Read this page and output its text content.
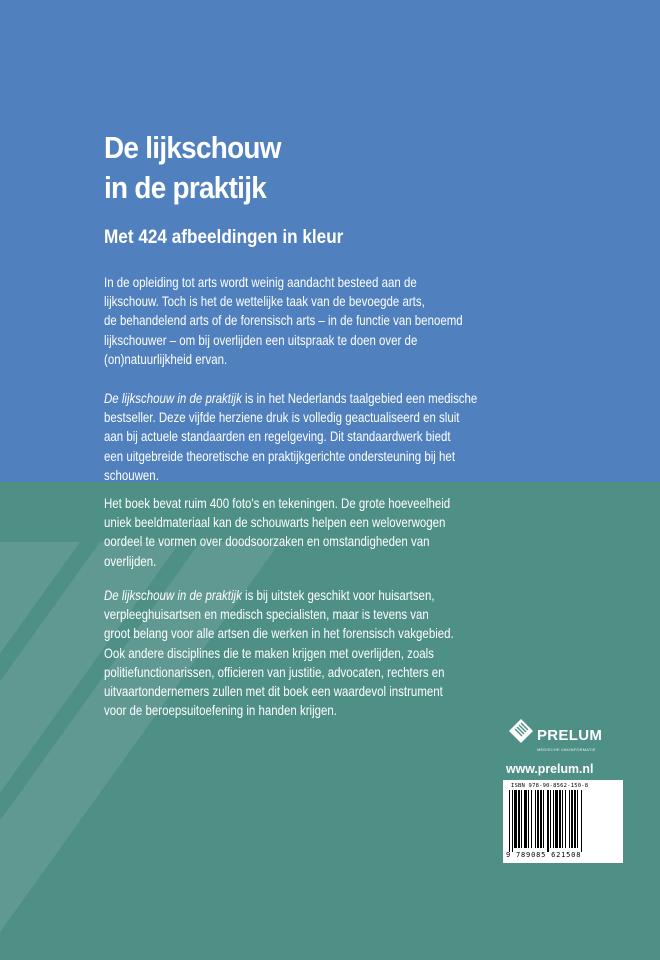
De lijkschouw
in de praktijk
Met 424 afbeeldingen in kleur

In de opleiding tot arts wordt weinig aandacht besteed aan de
lijkschouw. Toch is het de wettelijke taak van de bevoegde arts,
de behandelend arts of de forensisch arts – in de functie van benoemd
lijkschouwer – om bij overlijden een uitspraak te doen over de
(on)natuurlijkheid ervan.

De lijkschouw in de praktijk is in het Nederlands taalgebied een medische
bestseller. Deze vijfde herziene druk is volledig geactualiseerd en sluit
aan bij actuele standaarden en regelgeving. Dit standaardwerk biedt
een uitgebreide theoretische en praktijkgerichte ondersteuning bij het
schouwen.

Het boek bevat ruim 400 foto's en tekeningen. De grote hoeveelheid
uniek beeldmateriaal kan de schouwarts helpen een weloverwogen
oordeel te vormen over doodsoorzaken en omstandigheden van
overlijden.

De lijkschouw in de praktijk is bij uitstek geschikt voor huisartsen,
verpleeghuisartsen en medisch specialisten, maar is tevens van
groot belang voor alle artsen die werken in het forensisch vakgebied.
Ook andere disciplines die te maken krijgen met overlijden, zoals
politiefunctionarissen, officieren van justitie, advocaten, rechters en
uitvaartondernemers zullen met dit boek een waardevol instrument
voor de beroepsuitoefening in handen krijgen.

PRELUM
MEDISCHE VAKINFORMATIE
www.prelum.nl
ISBN 978-90-8562-150-8
9 789085 621508
